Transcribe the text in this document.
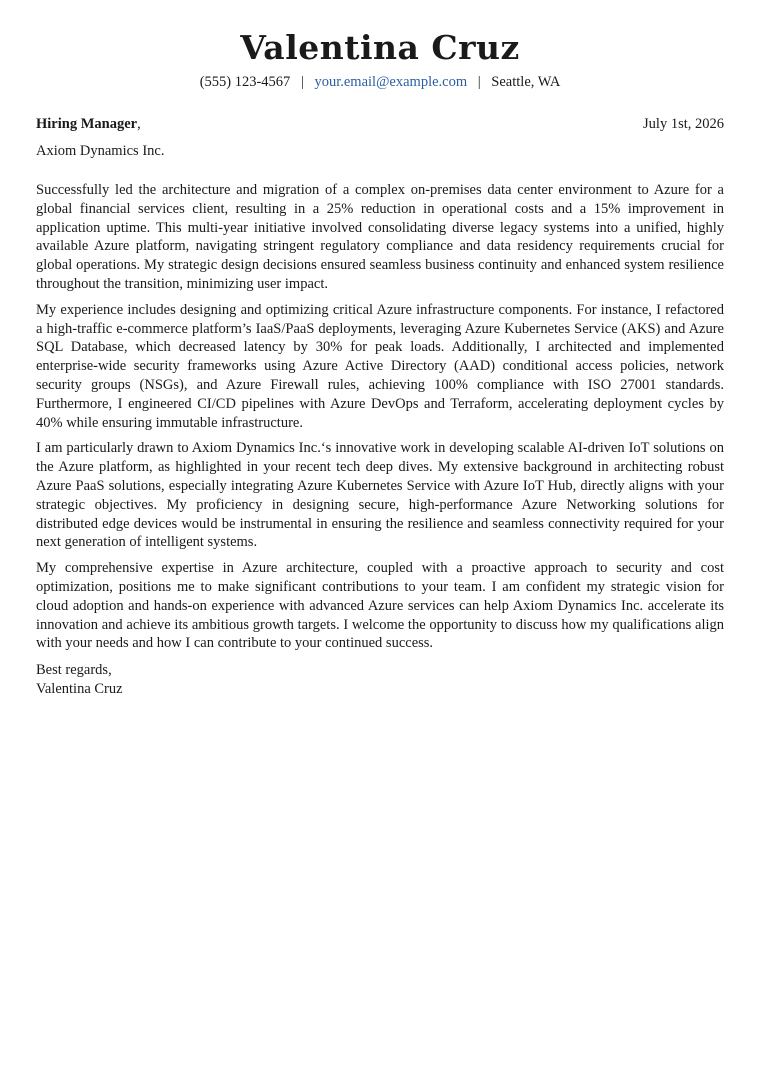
Valentina Cruz
(555) 123-4567 | your.email@example.com | Seattle, WA
Hiring Manager,	July 1st, 2026
Axiom Dynamics Inc.

Successfully led the architecture and migration of a complex on-premises data center environment to Azure for a global financial services client, resulting in a 25% reduction in operational costs and a 15% improvement in application uptime. This multi-year initiative involved consolidating diverse legacy systems into a unified, highly available Azure platform, navigating stringent regulatory compliance and data residency requirements crucial for global operations. My strategic design decisions ensured seamless business continuity and enhanced system resilience throughout the transition, minimizing user impact.

My experience includes designing and optimizing critical Azure infrastructure components. For instance, I refactored a high-traffic e-commerce platform’s IaaS/PaaS deployments, leveraging Azure Kubernetes Service (AKS) and Azure SQL Database, which decreased latency by 30% for peak loads. Additionally, I architected and implemented enterprise-wide security frameworks using Azure Active Directory (AAD) conditional access policies, network security groups (NSGs), and Azure Firewall rules, achieving 100% compliance with ISO 27001 standards. Furthermore, I engineered CI/CD pipelines with Azure DevOps and Terraform, accelerating deployment cycles by 40% while ensuring immutable infrastructure.

I am particularly drawn to Axiom Dynamics Inc.‘s innovative work in developing scalable AI-driven IoT solutions on the Azure platform, as highlighted in your recent tech deep dives. My extensive background in architecting robust Azure PaaS solutions, especially integrating Azure Kubernetes Service with Azure IoT Hub, directly aligns with your strategic objectives. My proficiency in designing secure, high-performance Azure Networking solutions for distributed edge devices would be instrumental in ensuring the resilience and seamless connectivity required for your next generation of intelligent systems.

My comprehensive expertise in Azure architecture, coupled with a proactive approach to security and cost optimization, positions me to make significant contributions to your team. I am confident my strategic vision for cloud adoption and hands-on experience with advanced Azure services can help Axiom Dynamics Inc. accelerate its innovation and achieve its ambitious growth targets. I welcome the opportunity to discuss how my qualifications align with your needs and how I can contribute to your continued success.

Best regards,
Valentina Cruz
